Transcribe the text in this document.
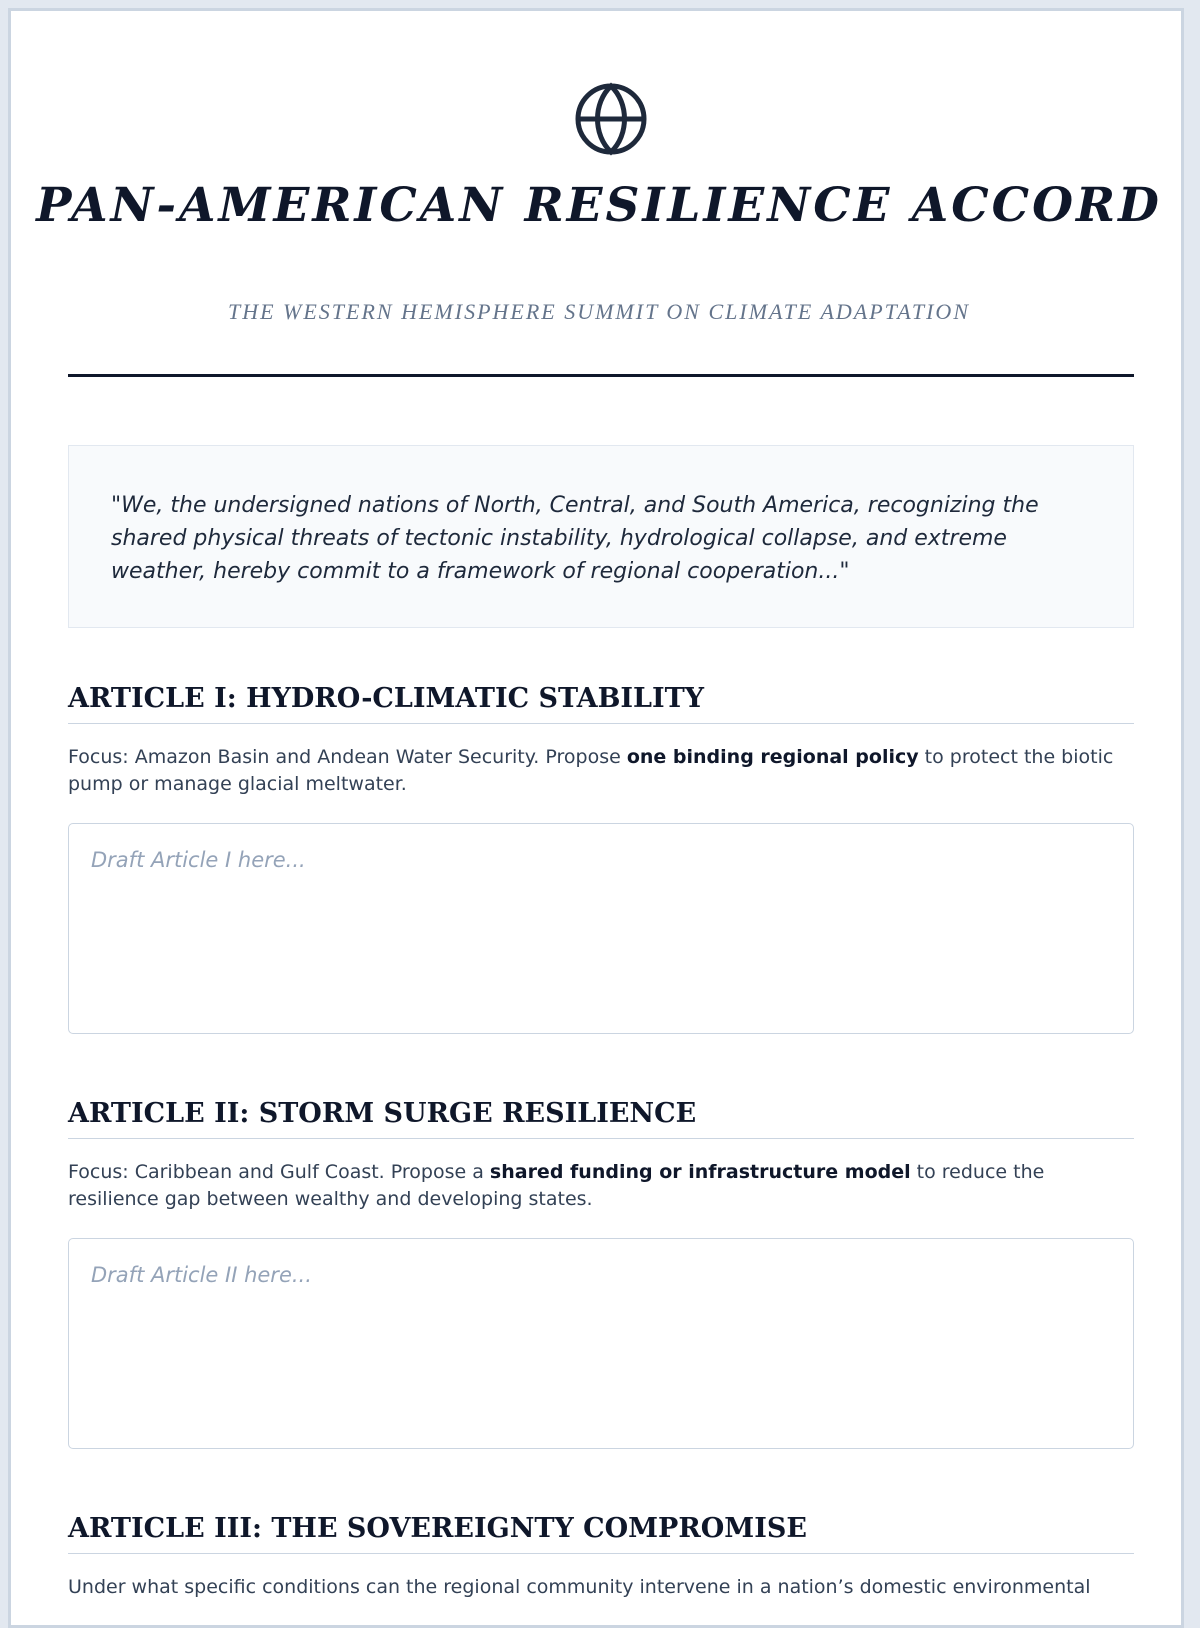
PAN-AMERICAN RESILIENCE ACCORD
THE WESTERN HEMISPHERE SUMMIT ON CLIMATE ADAPTATION

"We, the undersigned nations of North, Central, and South America, recognizing the shared physical threats of tectonic instability, hydrological collapse, and extreme weather, hereby commit to a framework of regional cooperation..."

ARTICLE I: HYDRO-CLIMATIC STABILITY

Focus: Amazon Basin and Andean Water Security. Propose one binding regional policy to protect the biotic pump or manage glacial meltwater.

Draft Article I here...
ARTICLE II: STORM SURGE RESILIENCE

Focus: Caribbean and Gulf Coast. Propose a shared funding or infrastructure model to reduce the resilience gap between wealthy and developing states.

Draft Article II here...
ARTICLE III: THE SOVEREIGNTY COMPROMISE

Under what specific conditions can the regional community intervene in a nation’s domestic environmental
